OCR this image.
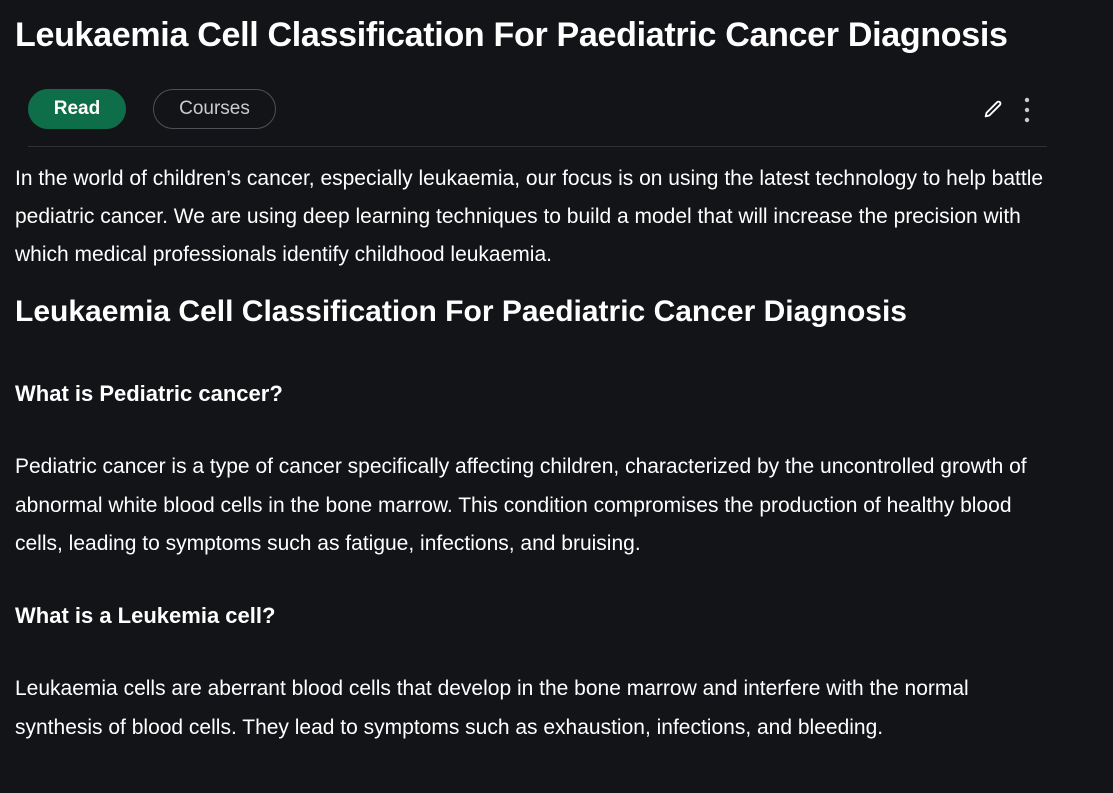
Leukaemia Cell Classification For Paediatric Cancer Diagnosis
Read	Courses

In the world of children’s cancer, especially leukaemia, our focus is on using the latest technology to help battle pediatric cancer. We are using deep learning techniques to build a model that will increase the precision with which medical professionals identify childhood leukaemia.

Leukaemia Cell Classification For Paediatric Cancer Diagnosis
What is Pediatric cancer?

Pediatric cancer is a type of cancer specifically affecting children, characterized by the uncontrolled growth of abnormal white blood cells in the bone marrow. This condition compromises the production of healthy blood cells, leading to symptoms such as fatigue, infections, and bruising.

What is a Leukemia cell?

Leukaemia cells are aberrant blood cells that develop in the bone marrow and interfere with the normal synthesis of blood cells. They lead to symptoms such as exhaustion, infections, and bleeding.
